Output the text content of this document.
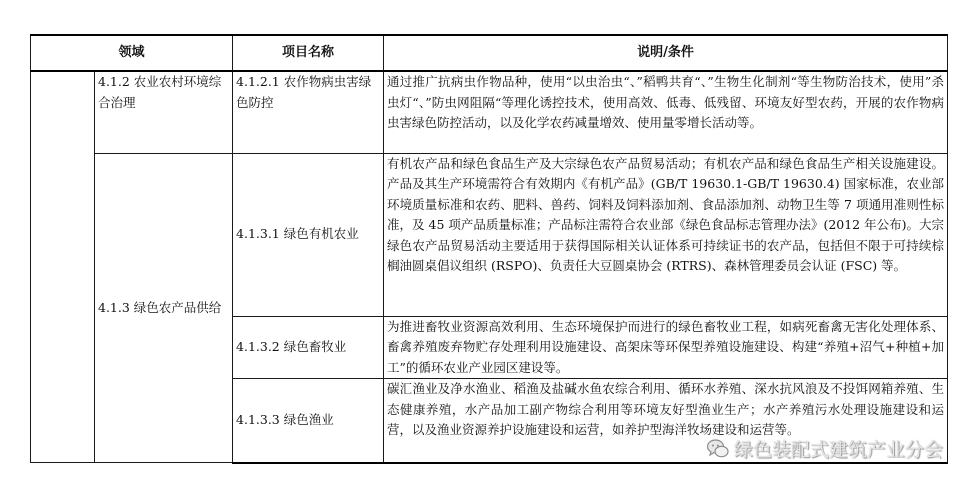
领域		项目名称	说明/条件
	4.1.2 农业农村环境综合治理	4.1.2.1 农作物病虫害绿色防控	通过推广抗病虫作物品种，使用“以虫治虫“、”稻鸭共育“、”生物生化制剂“等生物防治技术，使用”杀虫灯“、”防虫网阻隔“等理化诱控技术，使用高效、低毒、低残留、环境友好型农药，开展的农作物病虫害绿色防控活动，以及化学农药减量增效、使用量零增长活动等。
	4.1.3 绿色农产品供给	4.1.3.1 绿色有机农业	有机农产品和绿色食品生产及大宗绿色农产品贸易活动；有机农产品和绿色食品生产相关设施建设。产品及其生产环境需符合有效期内《有机产品》(GB/T 19630.1-GB/T 19630.4) 国家标准，农业部环境质量标准和农药、肥料、兽药、饲料及饲料添加剂、食品添加剂、动物卫生等 7 项通用准则性标准，及 45 项产品质量标准；产品标注需符合农业部《绿色食品标志管理办法》(2012 年公布)。大宗绿色农产品贸易活动主要适用于获得国际相关认证体系可持续证书的农产品，包括但不限于可持续棕榈油圆桌倡议组织 (RSPO)、负责任大豆圆桌协会 (RTRS)、森林管理委员会认证 (FSC) 等。
		4.1.3.2 绿色畜牧业	为推进畜牧业资源高效利用、生态环境保护而进行的绿色畜牧业工程，如病死畜禽无害化处理体系、畜禽养殖废弃物贮存处理利用设施建设、高架床等环保型养殖设施建设、构建“养殖+沼气+种植+加工”的循环农业产业园区建设等。
		4.1.3.3 绿色渔业	碳汇渔业及净水渔业、稻渔及盐碱水鱼农综合利用、循环水养殖、深水抗风浪及不投饵网箱养殖、生态健康养殖，水产品加工副产物综合利用等环境友好型渔业生产；水产养殖污水处理设施建设和运营，以及渔业资源养护设施建设和运营，如养护型海洋牧场建设和运营等。
绿色装配式建筑产业分会
